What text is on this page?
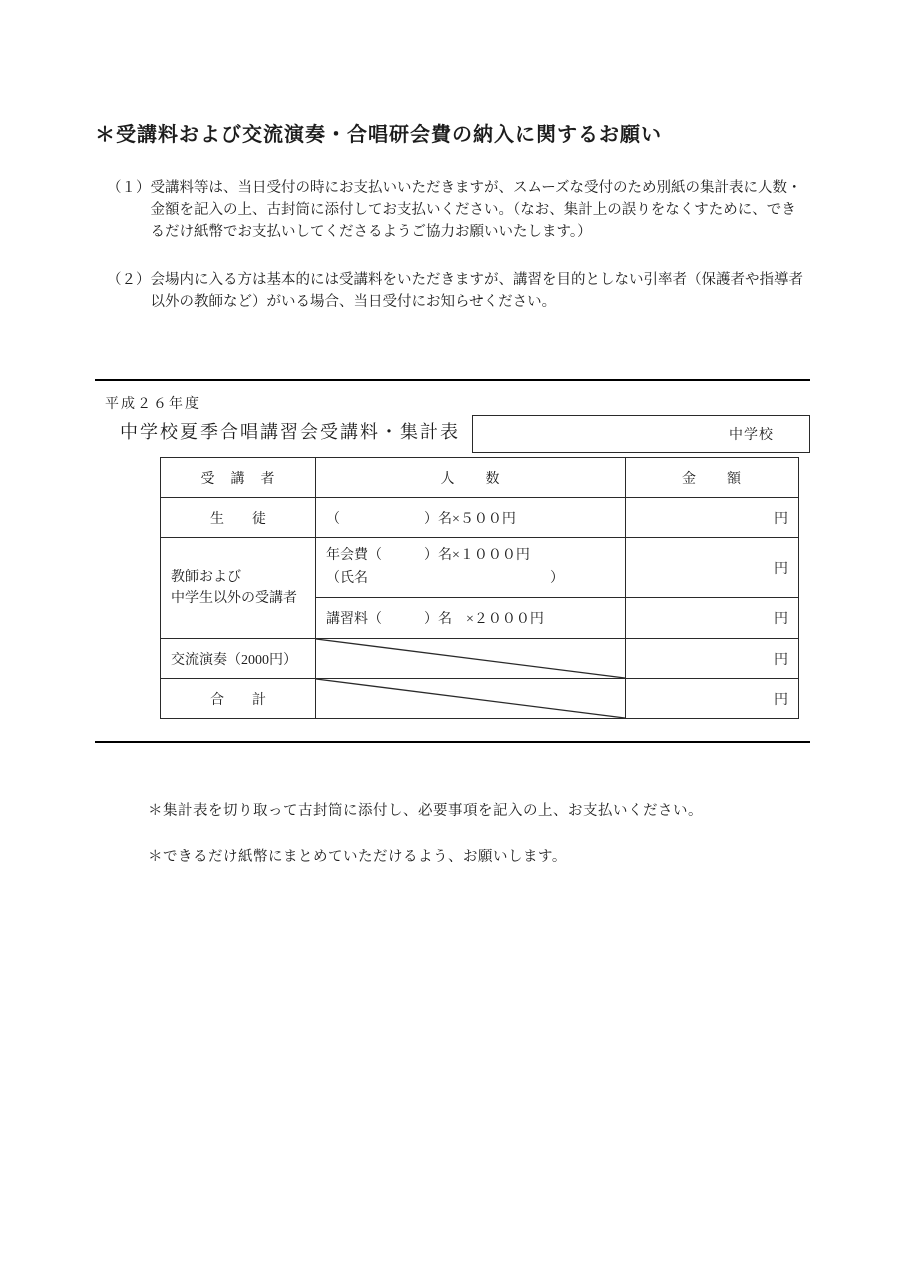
＊受講料および交流演奏・合唱研会費の納入に関するお願い
（１） 受講料等は、当日受付の時にお支払いいただきますが、スムーズな受付のため別紙の集計表に人数・金額を記入の上、古封筒に添付してお支払いください。（なお、集計上の誤りをなくすために、できるだけ紙幣でお支払いしてくださるようご協力お願いいたします。）
（２） 会場内に入る方は基本的には受講料をいただきますが、講習を目的としない引率者（保護者や指導者以外の教師など）がいる場合、当日受付にお知らせください。
平成２６年度
中学校夏季合唱講習会受講料・集計表	中学校
受　講　者	人　　数	金　　額
生　　徒	（　　　　　　）名×５００円	円
教師および
中学生以外の受講者	年会費（　　　）名×１０００円
（氏名　　　　　　　　　　　　　）	円
	講習料（　　　）名　×２０００円	円
交流演奏（2000円）		円
合　　計		円
＊集計表を切り取って古封筒に添付し、必要事項を記入の上、お支払いください。
＊できるだけ紙幣にまとめていただけるよう、お願いします。
